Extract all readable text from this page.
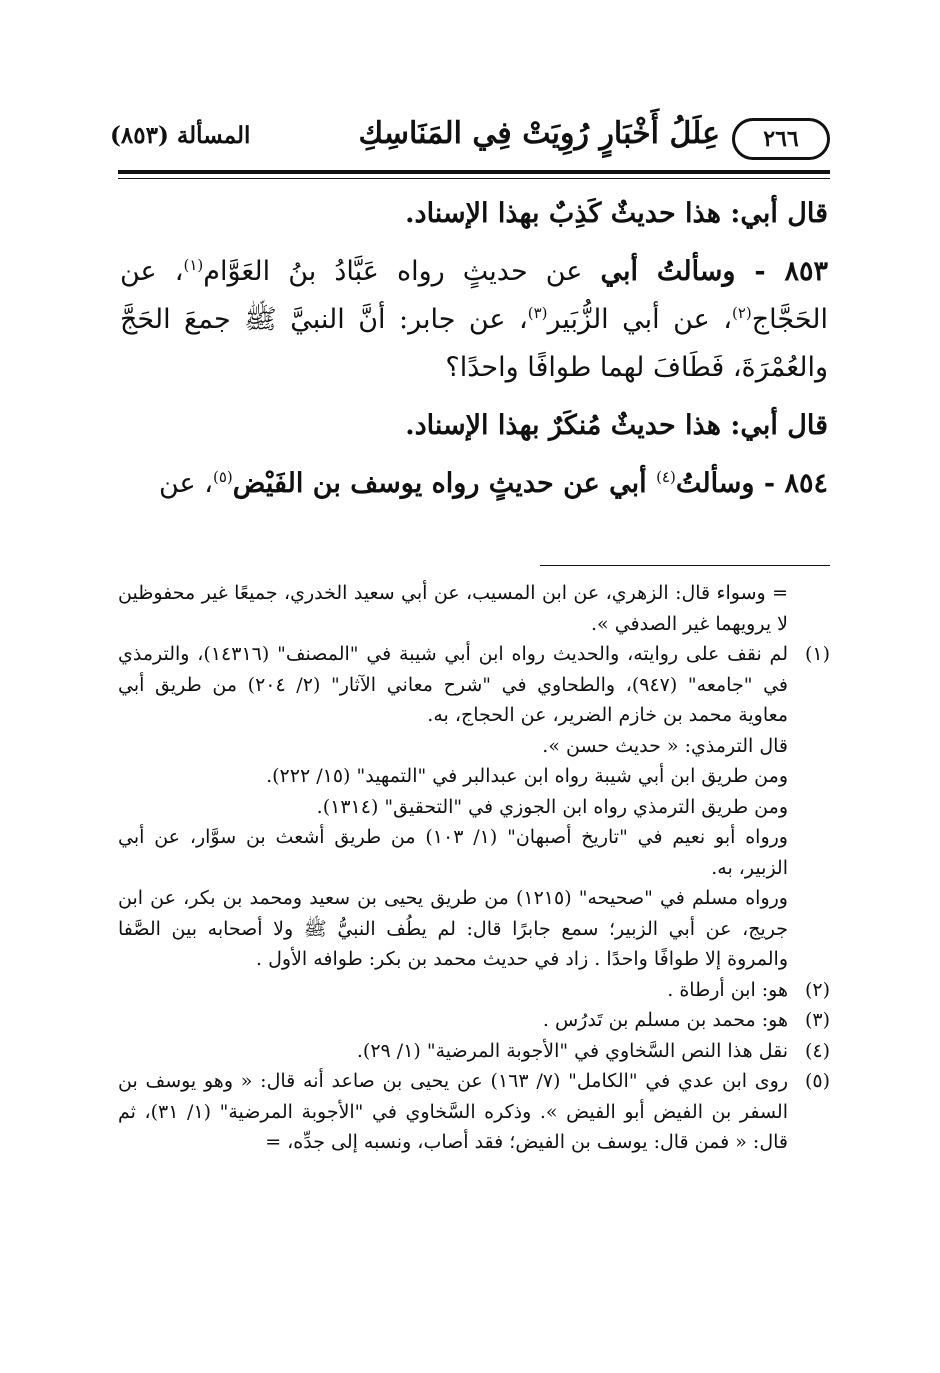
٢٦٦
عِلَلُ أَخْبَارٍ رُوِيَتْ فِي المَنَاسِكِ
المسألة (٨٥٣)

قال أبي: هذا حديثٌ كَذِبٌ بهذا الإسناد.

٨٥٣ - وسألتُ أبي عن حديثٍ رواه عَبَّادُ بنُ العَوَّام$^{(١)}$، عن الحَجَّاج$^{(٢)}$، عن أبي الزُّبَير$^{(٣)}$، عن جابر: أنَّ النبيَّ ﷺ جمعَ الحَجَّ والعُمْرَةَ، فَطَافَ لهما طوافًا واحدًا؟

قال أبي: هذا حديثٌ مُنكَرٌ بهذا الإسناد.

٨٥٤ - وسألتُ$^{(٤)}$ أبي عن حديثٍ رواه يوسف بن الفَيْض$^{(٥)}$، عن

= وسواء قال: الزهري، عن ابن المسيب، عن أبي سعيد الخدري، جميعًا غير محفوظين لا يرويهما غير الصدفي ».

(١)

لم نقف على روايته، والحديث رواه ابن أبي شيبة في "المصنف" (١٤٣١٦)، والترمذي في "جامعه" (٩٤٧)، والطحاوي في "شرح معاني الآثار" (٢/ ٢٠٤) من طريق أبي معاوية محمد بن خازم الضرير، عن الحجاج، به.

قال الترمذي: « حديث حسن ».

ومن طريق ابن أبي شيبة رواه ابن عبدالبر في "التمهيد" (١٥/ ٢٢٢).

ومن طريق الترمذي رواه ابن الجوزي في "التحقيق" (١٣١٤).

ورواه أبو نعيم في "تاريخ أصبهان" (١/ ١٠٣) من طريق أشعث بن سوَّار، عن أبي الزبير، به.

ورواه مسلم في "صحيحه" (١٢١٥) من طريق يحيى بن سعيد ومحمد بن بكر، عن ابن جريج، عن أبي الزبير؛ سمع جابرًا قال: لم يطُف النبيُّ ﷺ ولا أصحابه بين الصَّفا والمروة إلا طوافًا واحدًا . زاد في حديث محمد بن بكر: طوافه الأول .

(٢)
هو: ابن أرطاة .
(٣)
هو: محمد بن مسلم بن تَدرُس .
(٤)
نقل هذا النص السَّخاوي في "الأجوبة المرضية" (١/ ٢٩).
(٥)
روى ابن عدي في "الكامل" (٧/ ١٦٣) عن يحيى بن صاعد أنه قال: « وهو يوسف بن السفر بن الفيض أبو الفيض ». وذكره السَّخاوي في "الأجوبة المرضية" (١/ ٣١)، ثم قال: « فمن قال: يوسف بن الفيض؛ فقد أصاب، ونسبه إلى جدِّه، =
